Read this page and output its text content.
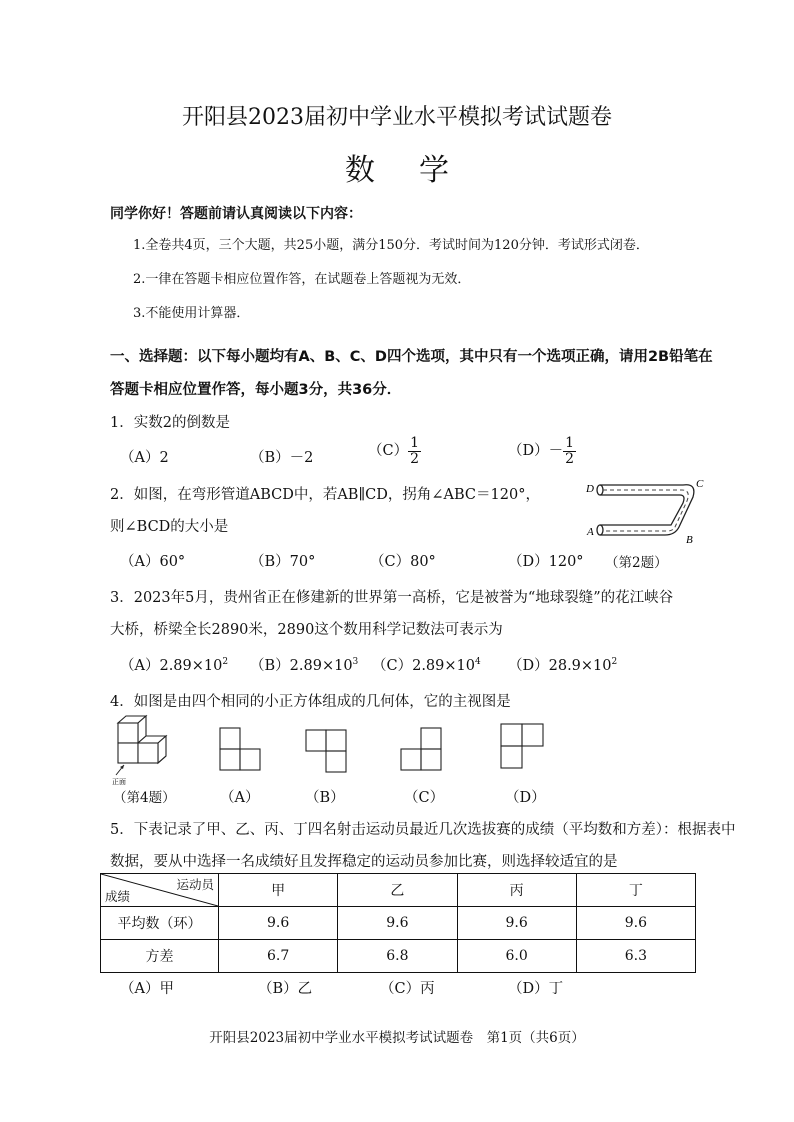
开阳县2023届初中学业水平模拟考试试题卷
数学
同学你好！答题前请认真阅读以下内容：
1.全卷共4页，三个大题，共25小题，满分150分．考试时间为120分钟．考试形式闭卷．
2.一律在答题卡相应位置作答，在试题卷上答题视为无效．
3.不能使用计算器．
一、选择题：以下每小题均有A、B、C、D四个选项，其中只有一个选项正确，请用2B铅笔在
答题卡相应位置作答，每小题3分，共36分．
1．实数2的倒数是
（A）2	（B）－2	$(C) \frac{1}{2}$	$(D)- \frac{1}{2}$
2．如图，在弯形管道ABCD中，若AB∥CD，拐角∠ABC＝120°，
则∠BCD的大小是
（A）60°	（B）70°	（C）80°	（D）120° （第2题）
D	C
A
B
3．2023年5月，贵州省正在修建新的世界第一高桥，它是被誉为“地球裂缝”的花江峡谷
大桥，桥梁全长2890米，2890这个数用科学记数法可表示为
$(A)2.89\times 10^2$ $(B)2.89\times 10^3$ $(C)2.89\times 10^4$ $(D)28.9\times 10^2$
4．如图是由四个相同的小正方体组成的几何体，它的主视图是
正面
（第4题）	（A）	（B）	（C）	（D）
5．下表记录了甲、乙、丙、丁四名射击运动员最近几次选拔赛的成绩（平均数和方差）：根据表中
数据，要从中选择一名成绩好且发挥稳定的运动员参加比赛，则选择较适宜的是
运动员
成绩	甲	乙	丙	丁
平均数（环）	9.6	9.6	9.6	9.6
方差	6.7	6.8	6.0	6.3
（A）甲	（B）乙	（C）丙	（D）丁
开阳县2023届初中学业水平模拟考试试题卷　第1页（共6页）
